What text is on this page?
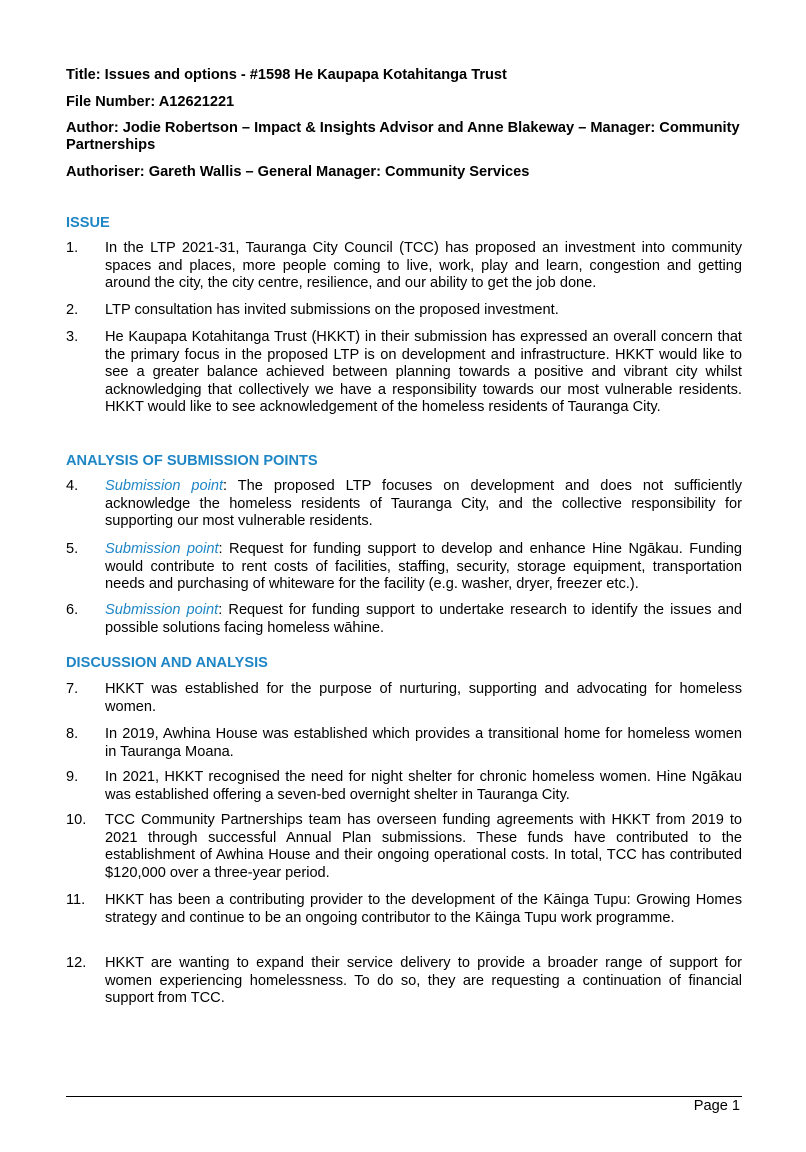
Title: Issues and options - #1598 He Kaupapa Kotahitanga Trust
File Number: A12621221
Author: Jodie Robertson – Impact & Insights Advisor and Anne Blakeway – Manager: Community Partnerships
Authoriser: Gareth Wallis – General Manager: Community Services
ISSUE
1. In the LTP 2021-31, Tauranga City Council (TCC) has proposed an investment into community spaces and places, more people coming to live, work, play and learn, congestion and getting around the city, the city centre, resilience, and our ability to get the job done.
2. LTP consultation has invited submissions on the proposed investment.
3. He Kaupapa Kotahitanga Trust (HKKT) in their submission has expressed an overall concern that the primary focus in the proposed LTP is on development and infrastructure. HKKT would like to see a greater balance achieved between planning towards a positive and vibrant city whilst acknowledging that collectively we have a responsibility towards our most vulnerable residents. HKKT would like to see acknowledgement of the homeless residents of Tauranga City.
ANALYSIS OF SUBMISSION POINTS
4. Submission point: The proposed LTP focuses on development and does not sufficiently acknowledge the homeless residents of Tauranga City, and the collective responsibility for supporting our most vulnerable residents.
5. Submission point: Request for funding support to develop and enhance Hine Ngākau. Funding would contribute to rent costs of facilities, staffing, security, storage equipment, transportation needs and purchasing of whiteware for the facility (e.g. washer, dryer, freezer etc.).
6. Submission point: Request for funding support to undertake research to identify the issues and possible solutions facing homeless wāhine.
DISCUSSION AND ANALYSIS
7. HKKT was established for the purpose of nurturing, supporting and advocating for homeless women.
8. In 2019, Awhina House was established which provides a transitional home for homeless women in Tauranga Moana.
9. In 2021, HKKT recognised the need for night shelter for chronic homeless women. Hine Ngākau was established offering a seven-bed overnight shelter in Tauranga City.
10. TCC Community Partnerships team has overseen funding agreements with HKKT from 2019 to 2021 through successful Annual Plan submissions. These funds have contributed to the establishment of Awhina House and their ongoing operational costs. In total, TCC has contributed $120,000 over a three-year period.
11. HKKT has been a contributing provider to the development of the Kāinga Tupu: Growing Homes strategy and continue to be an ongoing contributor to the Kāinga Tupu work programme.
12. HKKT are wanting to expand their service delivery to provide a broader range of support for women experiencing homelessness. To do so, they are requesting a continuation of financial support from TCC.
Page 1
